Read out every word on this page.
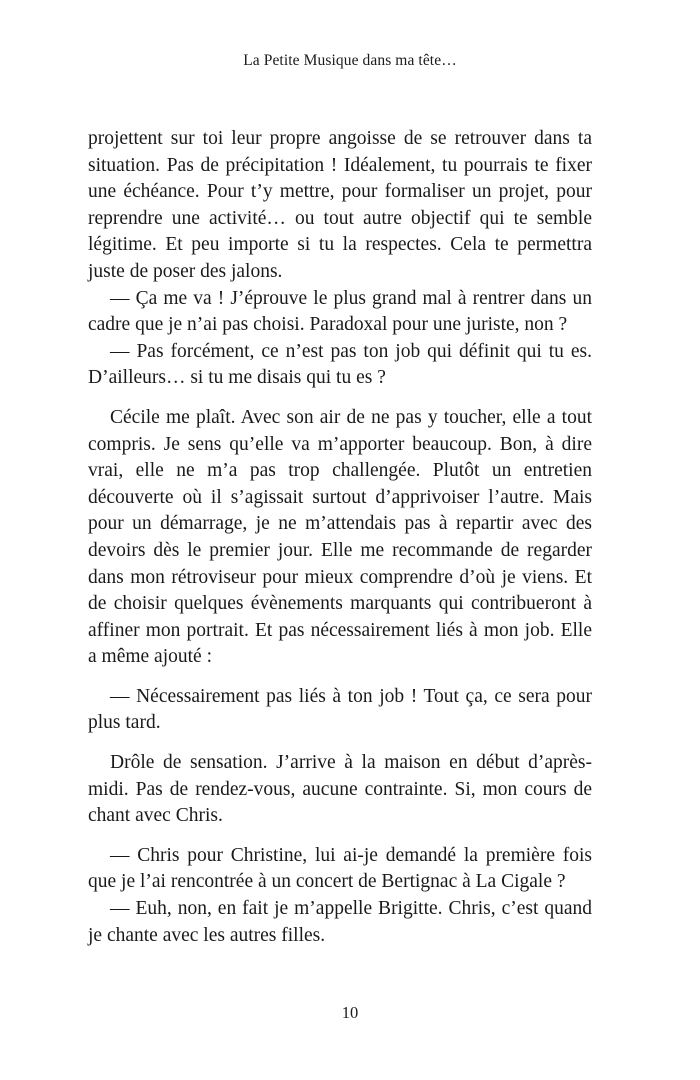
La Petite Musique dans ma tête…

projettent sur toi leur propre angoisse de se retrouver dans ta situation. Pas de précipitation ! Idéalement, tu pourrais te fixer une échéance. Pour t’y mettre, pour formaliser un projet, pour reprendre une activité… ou tout autre objectif qui te semble légitime. Et peu importe si tu la respectes. Cela te permettra juste de poser des jalons.

— Ça me va ! J’éprouve le plus grand mal à rentrer dans un cadre que je n’ai pas choisi. Paradoxal pour une juriste, non ?

— Pas forcément, ce n’est pas ton job qui définit qui tu es. D’ailleurs… si tu me disais qui tu es ?

Cécile me plaît. Avec son air de ne pas y toucher, elle a tout compris. Je sens qu’elle va m’apporter beaucoup. Bon, à dire vrai, elle ne m’a pas trop challengée. Plutôt un entretien découverte où il s’agissait surtout d’apprivoiser l’autre. Mais pour un démarrage, je ne m’attendais pas à repartir avec des devoirs dès le premier jour. Elle me recommande de regarder dans mon rétroviseur pour mieux comprendre d’où je viens. Et de choisir quelques évènements marquants qui contribueront à affiner mon portrait. Et pas nécessairement liés à mon job. Elle a même ajouté :

— Nécessairement pas liés à ton job ! Tout ça, ce sera pour plus tard.

Drôle de sensation. J’arrive à la maison en début d’après-midi. Pas de rendez-vous, aucune contrainte. Si, mon cours de chant avec Chris.

— Chris pour Christine, lui ai-je demandé la première fois que je l’ai rencontrée à un concert de Bertignac à La Cigale ?

— Euh, non, en fait je m’appelle Brigitte. Chris, c’est quand je chante avec les autres filles.

10
